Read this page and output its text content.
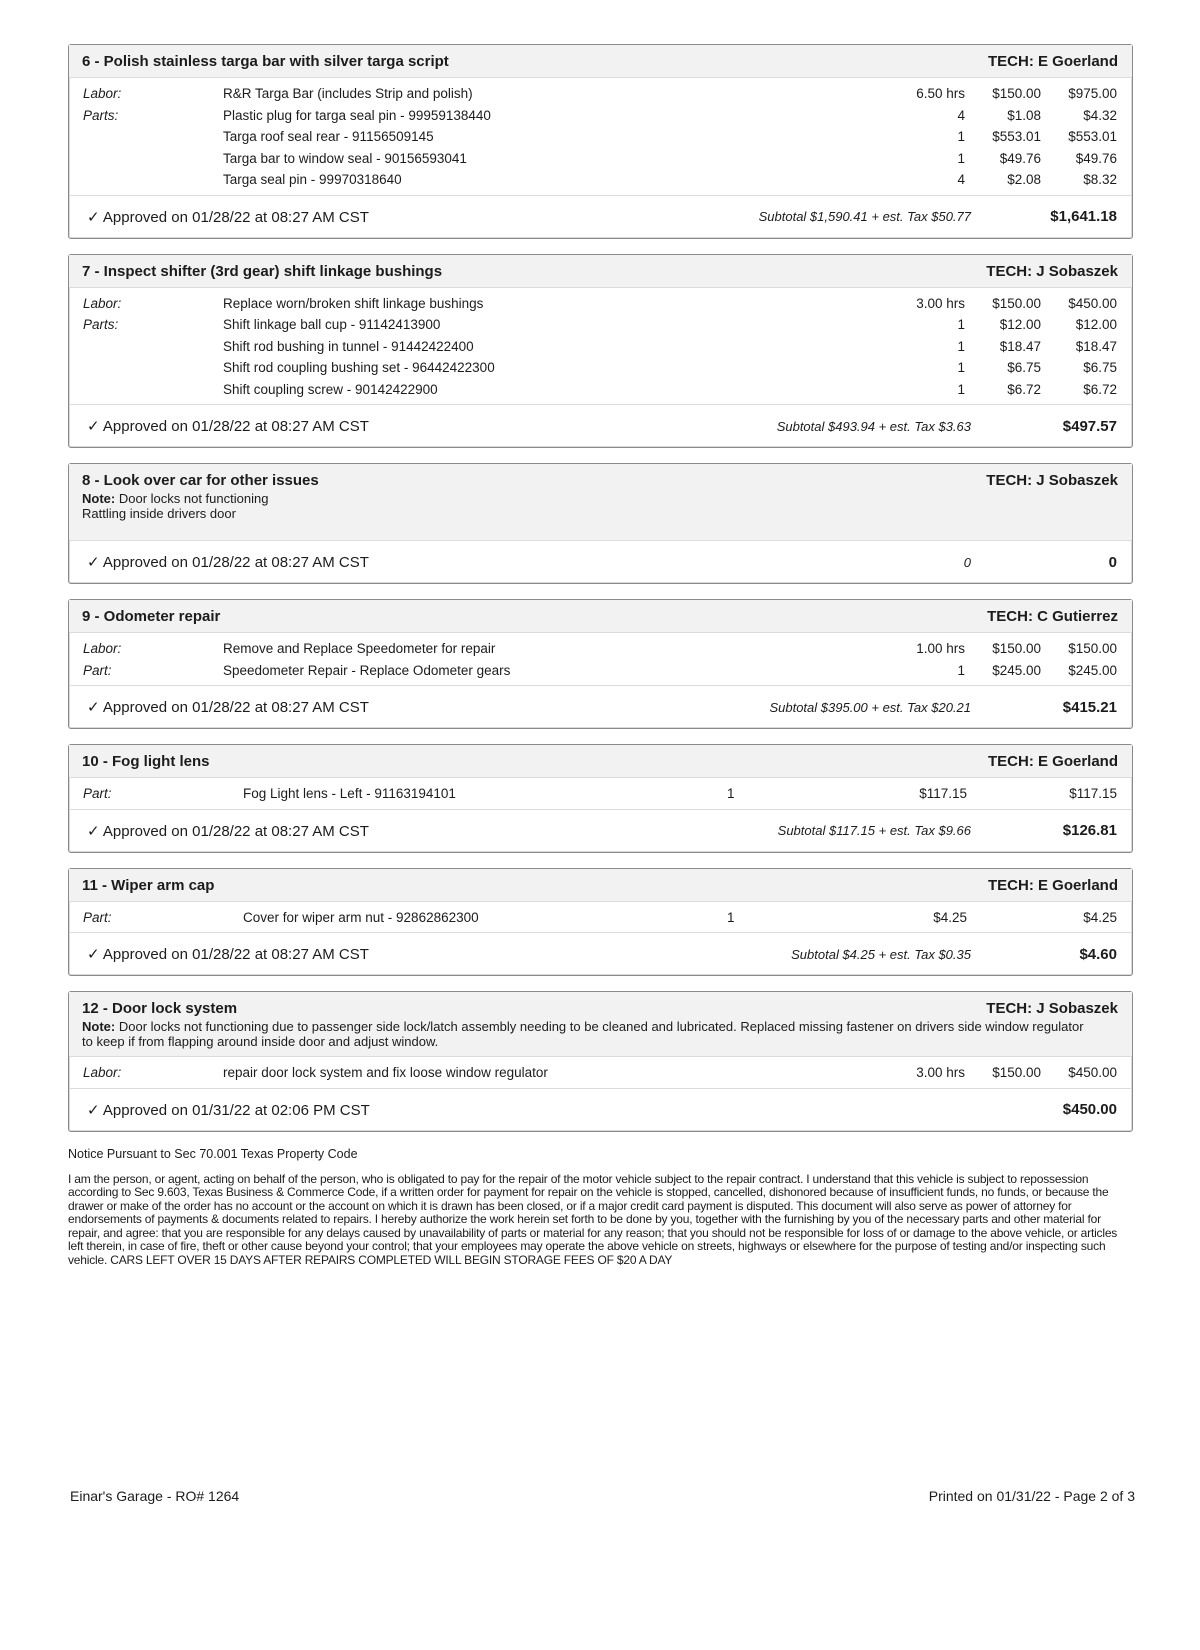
6 - Polish stainless targa bar with silver targa script	TECH: E Goerland
Labor:	R&R Targa Bar (includes Strip and polish)	6.50 hrs	$150.00	$975.00
Parts:	Plastic plug for targa seal pin - 99959138440	4	$1.08	$4.32
Targa roof seal rear - 91156509145	1	$553.01	$553.01
Targa bar to window seal - 90156593041	1	$49.76	$49.76
Targa seal pin - 99970318640	4	$2.08	$8.32
✓ Approved on 01/28/22 at 08:27 AM CST	Subtotal $1,590.41 + est. Tax $50.77	$1,641.18
7 - Inspect shifter (3rd gear) shift linkage bushings	TECH: J Sobaszek
Labor:	Replace worn/broken shift linkage bushings	3.00 hrs	$150.00	$450.00
Parts:	Shift linkage ball cup - 91142413900	1	$12.00	$12.00
Shift rod bushing in tunnel - 91442422400	1	$18.47	$18.47
Shift rod coupling bushing set - 96442422300	1	$6.75	$6.75
Shift coupling screw - 90142422900	1	$6.72	$6.72
✓ Approved on 01/28/22 at 08:27 AM CST	Subtotal $493.94 + est. Tax $3.63	$497.57
8 - Look over car for other issues	TECH: J Sobaszek
Note: Door locks not functioning
Rattling inside drivers door
✓ Approved on 01/28/22 at 08:27 AM CST	0	0
9 - Odometer repair	TECH: C Gutierrez
Labor:	Remove and Replace Speedometer for repair	1.00 hrs	$150.00	$150.00
Part:	Speedometer Repair - Replace Odometer gears	1	$245.00	$245.00
✓ Approved on 01/28/22 at 08:27 AM CST	Subtotal $395.00 + est. Tax $20.21	$415.21
10 - Fog light lens	TECH: E Goerland
Part:	Fog Light lens - Left - 91163194101	1	$117.15	$117.15
✓ Approved on 01/28/22 at 08:27 AM CST	Subtotal $117.15 + est. Tax $9.66	$126.81
11 - Wiper arm cap	TECH: E Goerland
Part:	Cover for wiper arm nut - 92862862300	1	$4.25	$4.25
✓ Approved on 01/28/22 at 08:27 AM CST	Subtotal $4.25 + est. Tax $0.35	$4.60
12 - Door lock system	TECH: J Sobaszek
Note: Door locks not functioning due to passenger side lock/latch assembly needing to be cleaned and lubricated. Replaced missing fastener on drivers side window regulator to keep if from flapping around inside door and adjust window.
Labor:	repair door lock system and fix loose window regulator	3.00 hrs	$150.00	$450.00
✓ Approved on 01/31/22 at 02:06 PM CST	$450.00
Notice Pursuant to Sec 70.001 Texas Property Code
I am the person, or agent, acting on behalf of the person, who is obligated to pay for the repair of the motor vehicle subject to the repair contract. I understand that this vehicle is subject to repossession according to Sec 9.603, Texas Business & Commerce Code, if a written order for payment for repair on the vehicle is stopped, cancelled, dishonored because of insufficient funds, no funds, or because the drawer or make of the order has no account or the account on which it is drawn has been closed, or if a major credit card payment is disputed. This document will also serve as power of attorney for endorsements of payments & documents related to repairs. I hereby authorize the work herein set forth to be done by you, together with the furnishing by you of the necessary parts and other material for repair, and agree: that you are responsible for any delays caused by unavailability of parts or material for any reason; that you should not be responsible for loss of or damage to the above vehicle, or articles left therein, in case of fire, theft or other cause beyond your control; that your employees may operate the above vehicle on streets, highways or elsewhere for the purpose of testing and/or inspecting such vehicle. CARS LEFT OVER 15 DAYS AFTER REPAIRS COMPLETED WILL BEGIN STORAGE FEES OF $20 A DAY
Einar's Garage - RO# 1264	Printed on 01/31/22 - Page 2 of 3
